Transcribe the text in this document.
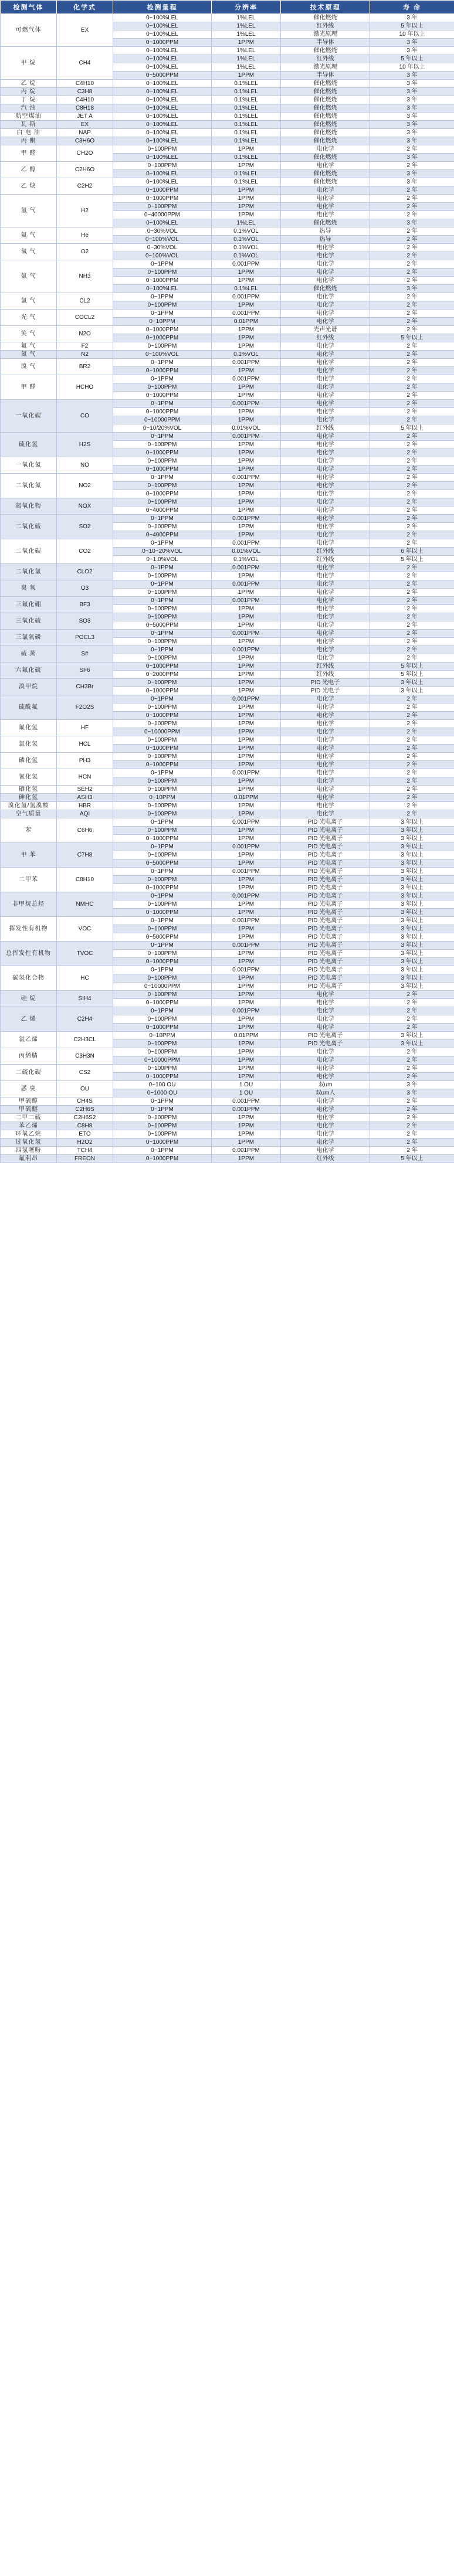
检测气体	化学式	检测量程	分辨率	技术原理	寿 命
可燃气体	EX	0~100%LEL	1%LEL	催化燃烧	3 年
		0~100%LEL	1%LEL	红外线	5 年以上
		0~100%LEL	1%LEL	激光原理	10 年以上
		0~1000PPM	1PPM	半导体	3 年
甲 烷	CH4	0~100%LEL	1%LEL	催化燃烧	3 年
		0~100%LEL	1%LEL	红外线	5 年以上
		0~100%LEL	1%LEL	激光原理	10 年以上
		0~5000PPM	1PPM	半导体	3 年
乙 烷	C4H10	0~100%LEL	0.1%LEL	催化燃烧	3 年
丙 烷	C3H8	0~100%LEL	0.1%LEL	催化燃烧	3 年
丁 烷	C4H10	0~100%LEL	0.1%LEL	催化燃烧	3 年
汽 油	C8H18	0~100%LEL	0.1%LEL	催化燃烧	3 年
航空煤油	JET A	0~100%LEL	0.1%LEL	催化燃烧	3 年
瓦 斯	EX	0~100%LEL	0.1%LEL	催化燃烧	3 年
白 电 油	NAP	0~100%LEL	0.1%LEL	催化燃烧	3 年
丙 酮	C3H6O	0~100%LEL	0.1%LEL	催化燃烧	3 年
甲 醛	CH2O	0~100PPM	1PPM	电化学	2 年
		0~100%LEL	0.1%LEL	催化燃烧	3 年
乙 醇	C2H6O	0~100PPM	1PPM	电化学	2 年
		0~100%LEL	0.1%LEL	催化燃烧	3 年
乙 炔	C2H2	0~100%LEL	0.1%LEL	催化燃烧	3 年
		0~1000PPM	1PPM	电化学	2 年
氢 气	H2	0~1000PPM	1PPM	电化学	2 年
		0~100PPM	1PPM	电化学	2 年
		0~40000PPM	1PPM	电化学	2 年
		0~100%LEL	1%LEL	催化燃烧	3 年
氦 气	He	0~30%VOL	0.1%VOL	热导	2 年
		0~100%VOL	0.1%VOL	热导	2 年
氧 气	O2	0~30%VOL	0.1%VOL	电化学	2 年
		0~100%VOL	0.1%VOL	电化学	2 年
氨 气	NH3	0~1PPM	0.001PPM	电化学	2 年
		0~100PPM	1PPM	电化学	2 年
		0~1000PPM	1PPM	电化学	2 年
		0~100%LEL	0.1%LEL	催化燃烧	3 年
氯 气	CL2	0~1PPM	0.001PPM	电化学	2 年
		0~100PPM	1PPM	电化学	2 年
光 气	COCL2	0~1PPM	0.001PPM	电化学	2 年
		0~10PPM	0.01PPM	电化学	2 年
笑 气	N2O	0~1000PPM	1PPM	光声光谱	2 年
		0~1000PPM	1PPM	红外线	5 年以上
氟 气	F2	0~100PPM	1PPM	电化学	2 年
氮 气	N2	0~100%VOL	0.1%VOL	电化学	2 年
溴 气	BR2	0~1PPM	0.001PPM	电化学	2 年
		0~1000PPM	1PPM	电化学	2 年
甲 醛	HCHO	0~1PPM	0.001PPM	电化学	2 年
		0~100PPM	1PPM	电化学	2 年
		0~1000PPM	1PPM	电化学	2 年
一氧化碳	CO	0~1PPM	0.001PPM	电化学	2 年
		0~1000PPM	1PPM	电化学	2 年
		0~10000PPM	1PPM	电化学	2 年
		0~10/20%VOL	0.01%VOL	红外线	5 年以上
硫化氢	H2S	0~1PPM	0.001PPM	电化学	2 年
		0~100PPM	1PPM	电化学	2 年
		0~1000PPM	1PPM	电化学	2 年
一氧化氮	NO	0~100PPM	1PPM	电化学	2 年
		0~1000PPM	1PPM	电化学	2 年
二氧化氮	NO2	0~1PPM	0.001PPM	电化学	2 年
		0~100PPM	1PPM	电化学	2 年
		0~1000PPM	1PPM	电化学	2 年
氮氧化物	NOX	0~100PPM	1PPM	电化学	2 年
		0~4000PPM	1PPM	电化学	2 年
二氧化硫	SO2	0~1PPM	0.001PPM	电化学	2 年
		0~100PPM	1PPM	电化学	2 年
		0~4000PPM	1PPM	电化学	2 年
二氧化碳	CO2	0~1PPM	0.001PPM	电化学	2 年
		0~10~20%VOL	0.01%VOL	红外线	6 年以上
		0~1.0%VOL	0.1%VOL	红外线	5 年以上
二氧化氯	CLO2	0~1PPM	0.001PPM	电化学	2 年
		0~100PPM	1PPM	电化学	2 年
臭 氧	O3	0~1PPM	0.001PPM	电化学	2 年
		0~100PPM	1PPM	电化学	2 年
三氟化硼	BF3	0~1PPM	0.001PPM	电化学	2 年
		0~100PPM	1PPM	电化学	2 年
三氧化硫	SO3	0~100PPM	1PPM	电化学	2 年
		0~5000PPM	1PPM	电化学	2 年
三氯氧磷	POCL3	0~1PPM	0.001PPM	电化学	2 年
		0~100PPM	1PPM	电化学	2 年
硫 蒸	S#	0~1PPM	0.001PPM	电化学	2 年
		0~100PPM	1PPM	电化学	2 年
六氟化硫	SF6	0~1000PPM	1PPM	红外线	5 年以上
		0~2000PPM	1PPM	红外线	5 年以上
溴甲烷	CH3Br	0~100PPM	1PPM	PID 光电子	3 年以上
		0~1000PPM	1PPM	PID 光电子	3 年以上
硫酰氟	F2O2S	0~1PPM	0.001PPM	电化学	2 年
		0~100PPM	1PPM	电化学	2 年
		0~1000PPM	1PPM	电化学	2 年
氟化氢	HF	0~100PPM	1PPM	电化学	2 年
		0~10000PPM	1PPM	电化学	2 年
氯化氢	HCL	0~100PPM	1PPM	电化学	2 年
		0~1000PPM	1PPM	电化学	2 年
磷化氢	PH3	0~100PPM	1PPM	电化学	2 年
		0~1000PPM	1PPM	电化学	2 年
氰化氢	HCN	0~1PPM	0.001PPM	电化学	2 年
		0~100PPM	1PPM	电化学	2 年
硒化氢	SEH2	0~100PPM	1PPM	电化学	2 年
砷化氢	ASH3	0~10PPM	0.01PPM	电化学	2 年
溴化氢/氢溴酸	HBR	0~100PPM	1PPM	电化学	2 年
空气质量	AQI	0~100PPM	1PPM	电化学	2 年
苯	C6H6	0~1PPM	0.001PPM	PID 光电离子	3 年以上
		0~100PPM	1PPM	PID 光电离子	3 年以上
		0~1000PPM	1PPM	PID 光电离子	3 年以上
甲 苯	C7H8	0~1PPM	0.001PPM	PID 光电离子	3 年以上
		0~100PPM	1PPM	PID 光电离子	3 年以上
		0~5000PPM	1PPM	PID 光电离子	3 年以上
二甲苯	C8H10	0~1PPM	0.001PPM	PID 光电离子	3 年以上
		0~100PPM	1PPM	PID 光电离子	3 年以上
		0~1000PPM	1PPM	PID 光电离子	3 年以上
非甲烷总烃	NMHC	0~1PPM	0.001PPM	PID 光电离子	3 年以上
		0~100PPM	1PPM	PID 光电离子	3 年以上
		0~1000PPM	1PPM	PID 光电离子	3 年以上
挥发性有机物	VOC	0~1PPM	0.001PPM	PID 光电离子	3 年以上
		0~100PPM	1PPM	PID 光电离子	3 年以上
		0~5000PPM	1PPM	PID 光电离子	3 年以上
总挥发性有机物	TVOC	0~1PPM	0.001PPM	PID 光电离子	3 年以上
		0~100PPM	1PPM	PID 光电离子	3 年以上
		0~1000PPM	1PPM	PID 光电离子	3 年以上
碳氢化合物	HC	0~1PPM	0.001PPM	PID 光电离子	3 年以上
		0~100PPM	1PPM	PID 光电离子	3 年以上
		0~10000PPM	1PPM	PID 光电离子	3 年以上
硅 烷	SIH4	0~100PPM	1PPM	电化学	2 年
		0~1000PPM	1PPM	电化学	2 年
乙 烯	C2H4	0~1PPM	0.001PPM	电化学	2 年
		0~100PPM	1PPM	电化学	2 年
		0~1000PPM	1PPM	电化学	2 年
氯乙烯	C2H3CL	0~10PPM	0.01PPM	PID 光电离子	3 年以上
		0~100PPM	1PPM	PID 光电离子	3 年以上
丙烯腈	C3H3N	0~100PPM	1PPM	电化学	2 年
		0~10000PPM	1PPM	电化学	2 年
二硫化碳	CS2	0~100PPM	1PPM	电化学	2 年
		0~1000PPM	1PPM	电化学	2 年
恶 臭	OU	0~100 OU	1 OU	双um	3 年
		0~1000 OU	1 OU	双um人	3 年
甲硫醇	CH4S	0~1PPM	0.001PPM	电化学	2 年
甲硫醚	C2H6S	0~1PPM	0.001PPM	电化学	2 年
二甲二硫	C2H6S2	0~100PPM	1PPM	电化学	2 年
苯乙烯	C8H8	0~100PPM	1PPM	电化学	2 年
环氧乙烷	ETO	0~100PPM	1PPM	电化学	2 年
过氧化氢	H2O2	0~1000PPM	1PPM	电化学	2 年
四氢噻吩	TCH4	0~1PPM	0.001PPM	电化学	2 年
氟利昂	FREON	0~1000PPM	1PPM	红外线	5 年以上
